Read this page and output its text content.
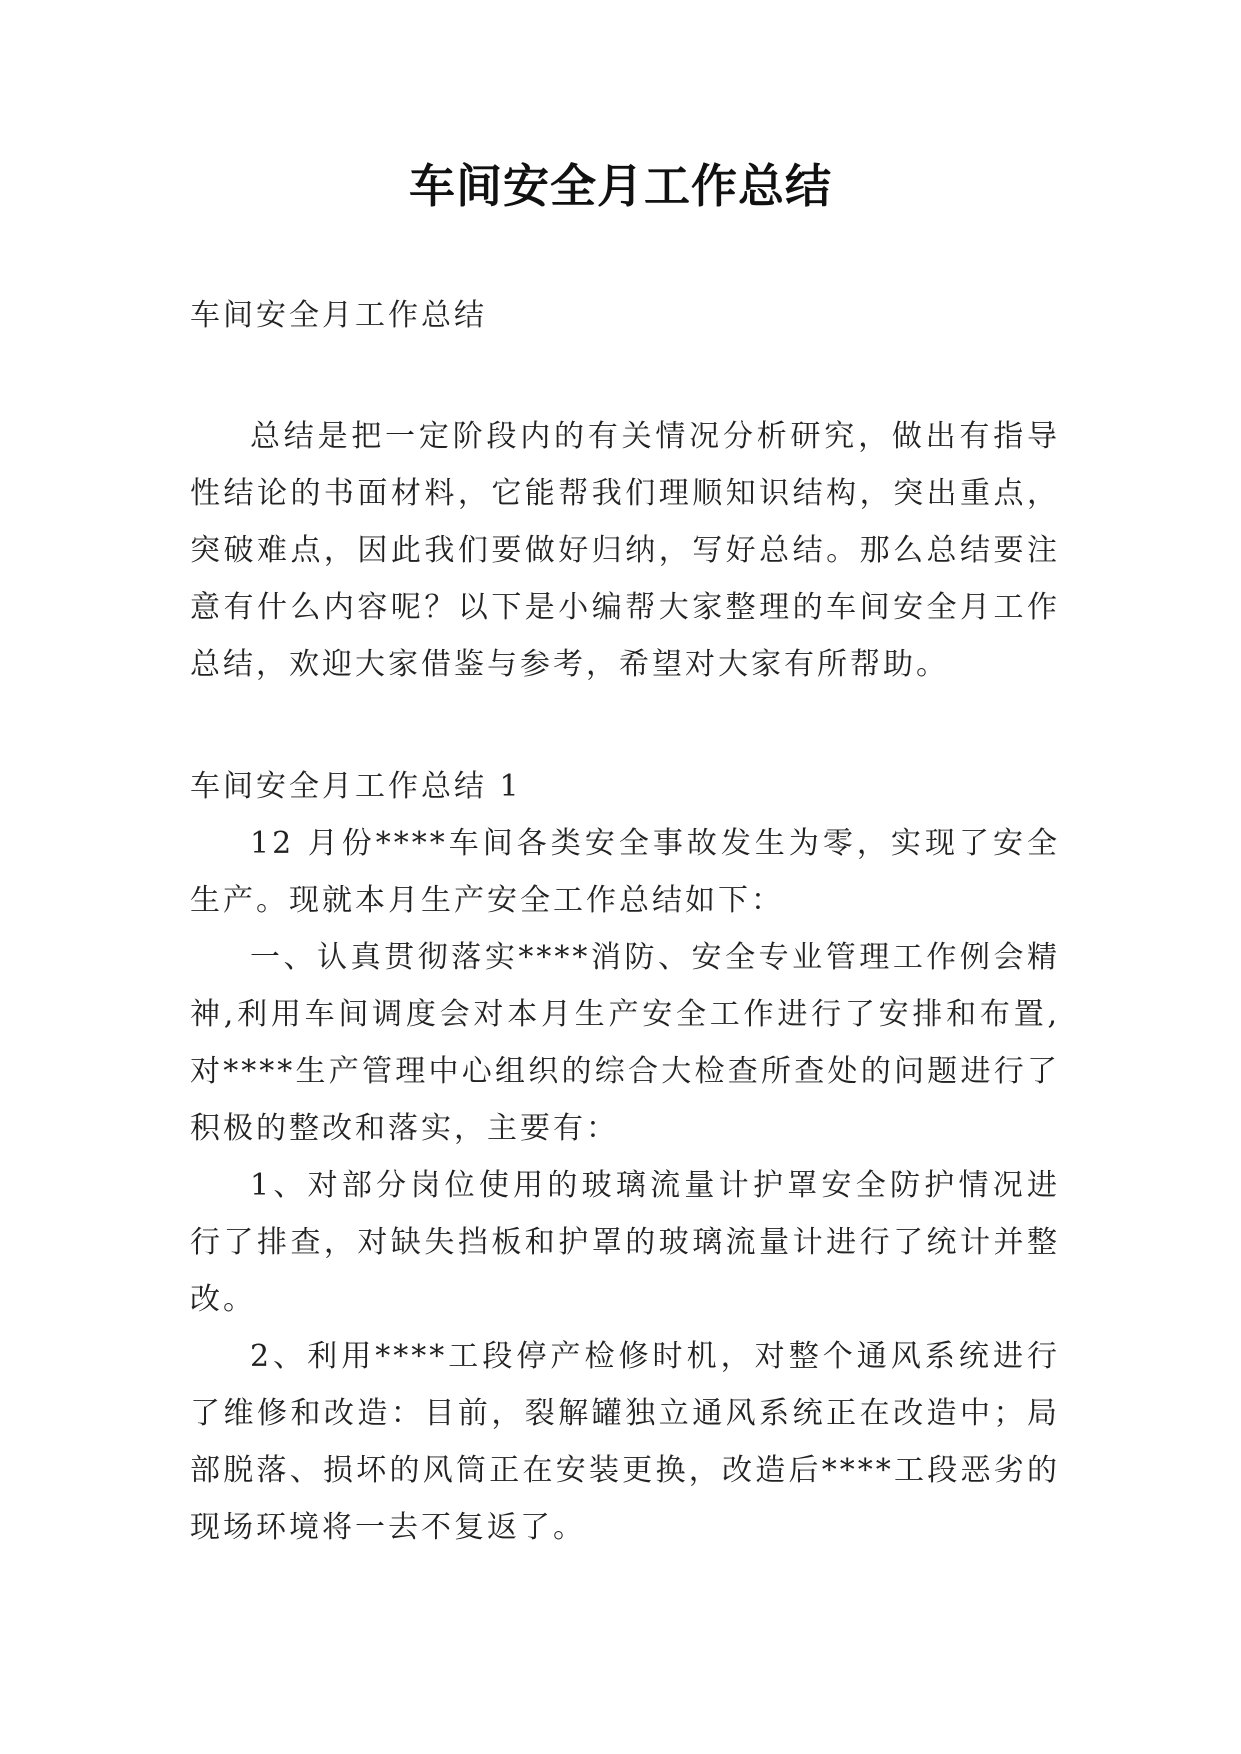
车间安全月工作总结

车间安全月工作总结

总结是把一定阶段内的有关情况分析研究，做出有指导性结论的书面材料，它能帮我们理顺知识结构，突出重点，突破难点，因此我们要做好归纳，写好总结。那么总结要注意有什么内容呢？以下是小编帮大家整理的车间安全月工作总结，欢迎大家借鉴与参考，希望对大家有所帮助。

车间安全月工作总结 1

12 月份****车间各类安全事故发生为零，实现了安全生产。现就本月生产安全工作总结如下：

一、认真贯彻落实****消防、安全专业管理工作例会精神,利用车间调度会对本月生产安全工作进行了安排和布置,对****生产管理中心组织的综合大检查所查处的问题进行了积极的整改和落实，主要有：

1、对部分岗位使用的玻璃流量计护罩安全防护情况进行了排查，对缺失挡板和护罩的玻璃流量计进行了统计并整改。

2、利用****工段停产检修时机，对整个通风系统进行了维修和改造：目前，裂解罐独立通风系统正在改造中；局部脱落、损坏的风筒正在安装更换，改造后****工段恶劣的现场环境将一去不复返了。
